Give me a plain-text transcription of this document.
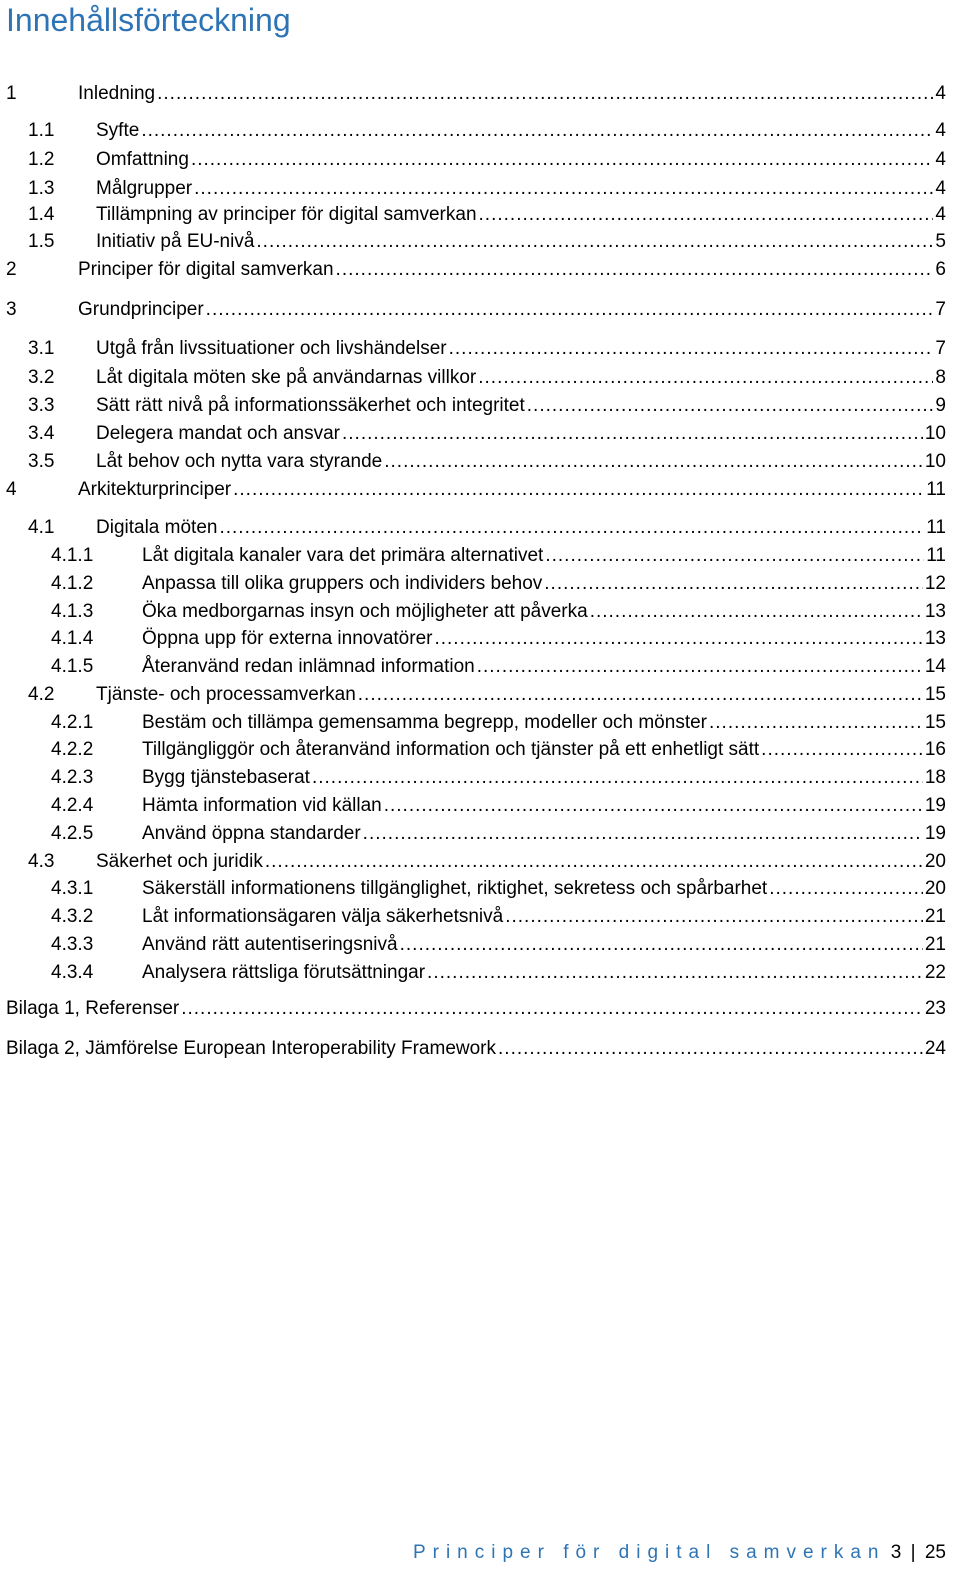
Innehållsförteckning
1	Inledning .....	4
1.1	Syfte .....	4
1.2	Omfattning .....	4
1.3	Målgrupper .....	4
1.4	Tillämpning av principer för digital samverkan .....	4
1.5	Initiativ på EU-nivå .....	5
2	Principer för digital samverkan .....	6
3	Grundprinciper .....	7
3.1	Utgå från livssituationer och livshändelser .....	7
3.2	Låt digitala möten ske på användarnas villkor .....	8
3.3	Sätt rätt nivå på informationssäkerhet och integritet .....	9
3.4	Delegera mandat och ansvar .....	10
3.5	Låt behov och nytta vara styrande .....	10
4	Arkitekturprinciper .....	11
4.1	Digitala möten .....	11
4.1.1	Låt digitala kanaler vara det primära alternativet .....	11
4.1.2	Anpassa till olika gruppers och individers behov .....	12
4.1.3	Öka medborgarnas insyn och möjligheter att påverka .....	13
4.1.4	Öppna upp för externa innovatörer .....	13
4.1.5	Återanvänd redan inlämnad information .....	14
4.2	Tjänste- och processamverkan .....	15
4.2.1	Bestäm och tillämpa gemensamma begrepp, modeller och mönster .....	15
4.2.2	Tillgängliggör och återanvänd information och tjänster på ett enhetligt sätt .....	16
4.2.3	Bygg tjänstebaserat .....	18
4.2.4	Hämta information vid källan .....	19
4.2.5	Använd öppna standarder .....	19
4.3	Säkerhet och juridik .....	20
4.3.1	Säkerställ informationens tillgänglighet, riktighet, sekretess och spårbarhet .....	20
4.3.2	Låt informationsägaren välja säkerhetsnivå .....	21
4.3.3	Använd rätt autentiseringsnivå .....	21
4.3.4	Analysera rättsliga förutsättningar .....	22
Bilaga 1, Referenser .....	23
Bilaga 2, Jämförelse European Interoperability Framework .....	24
Principer för digital samverkan 3 | 25
